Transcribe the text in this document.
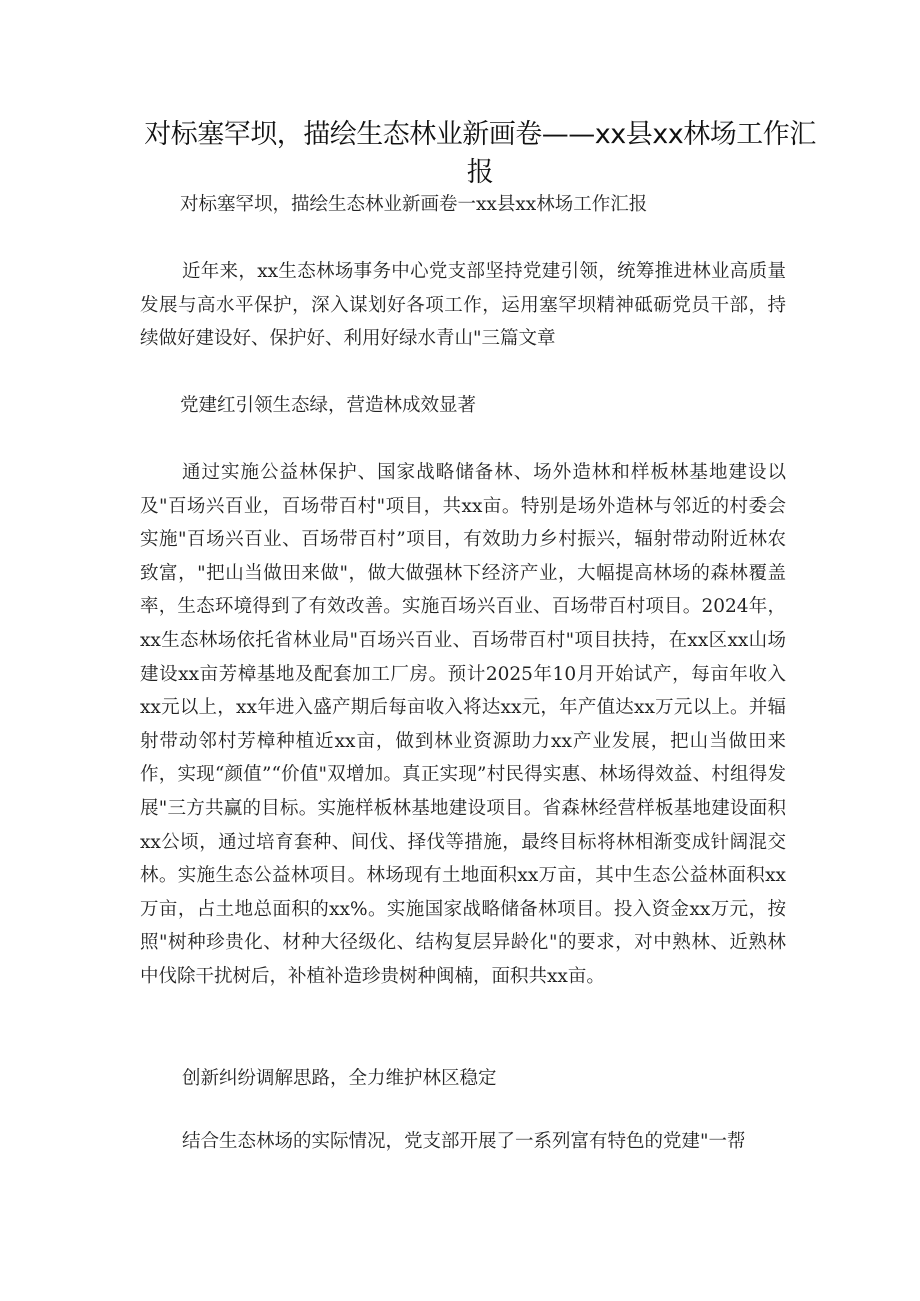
对标塞罕坝，描绘生态林业新画卷——xx县xx林场工作汇报

对标塞罕坝，描绘生态林业新画卷一xx县xx林场工作汇报

近年来，xx生态林场事务中心党支部坚持党建引领，统筹推进林业高质量发展与高水平保护，深入谋划好各项工作，运用塞罕坝精神砥砺党员干部，持续做好建设好、保护好、利用好绿水青山"三篇文章

党建红引领生态绿，营造林成效显著

通过实施公益林保护、国家战略储备林、场外造林和样板林基地建设以及"百场兴百业，百场带百村"项目，共xx亩。特别是场外造林与邻近的村委会实施"百场兴百业、百场带百村”项目，有效助力乡村振兴，辐射带动附近林农致富，"把山当做田来做"，做大做强林下经济产业，大幅提高林场的森林覆盖率，生态环境得到了有效改善。实施百场兴百业、百场带百村项目。2024年，xx生态林场依托省林业局"百场兴百业、百场带百村"项目扶持，在xx区xx山场建设xx亩芳樟基地及配套加工厂房。预计2025年10月开始试产，每亩年收入xx元以上，xx年进入盛产期后每亩收入将达xx元，年产值达xx万元以上。并辐射带动邻村芳樟种植近xx亩，做到林业资源助力xx产业发展，把山当做田来作，实现“颜值”“价值"双增加。真正实现”村民得实惠、林场得效益、村组得发展"三方共赢的目标。实施样板林基地建设项目。省森林经营样板基地建设面积xx公顷，通过培育套种、间伐、择伐等措施，最终目标将林相渐变成针阔混交林。实施生态公益林项目。林场现有土地面积xx万亩，其中生态公益林面积xx万亩，占土地总面积的xx%。实施国家战略储备林项目。投入资金xx万元，按照"树种珍贵化、材种大径级化、结构复层异龄化"的要求，对中熟林、近熟林中伐除干扰树后，补植补造珍贵树种闽楠，面积共xx亩。

创新纠纷调解思路，全力维护林区稳定

结合生态林场的实际情况，党支部开展了一系列富有特色的党建"一帮
